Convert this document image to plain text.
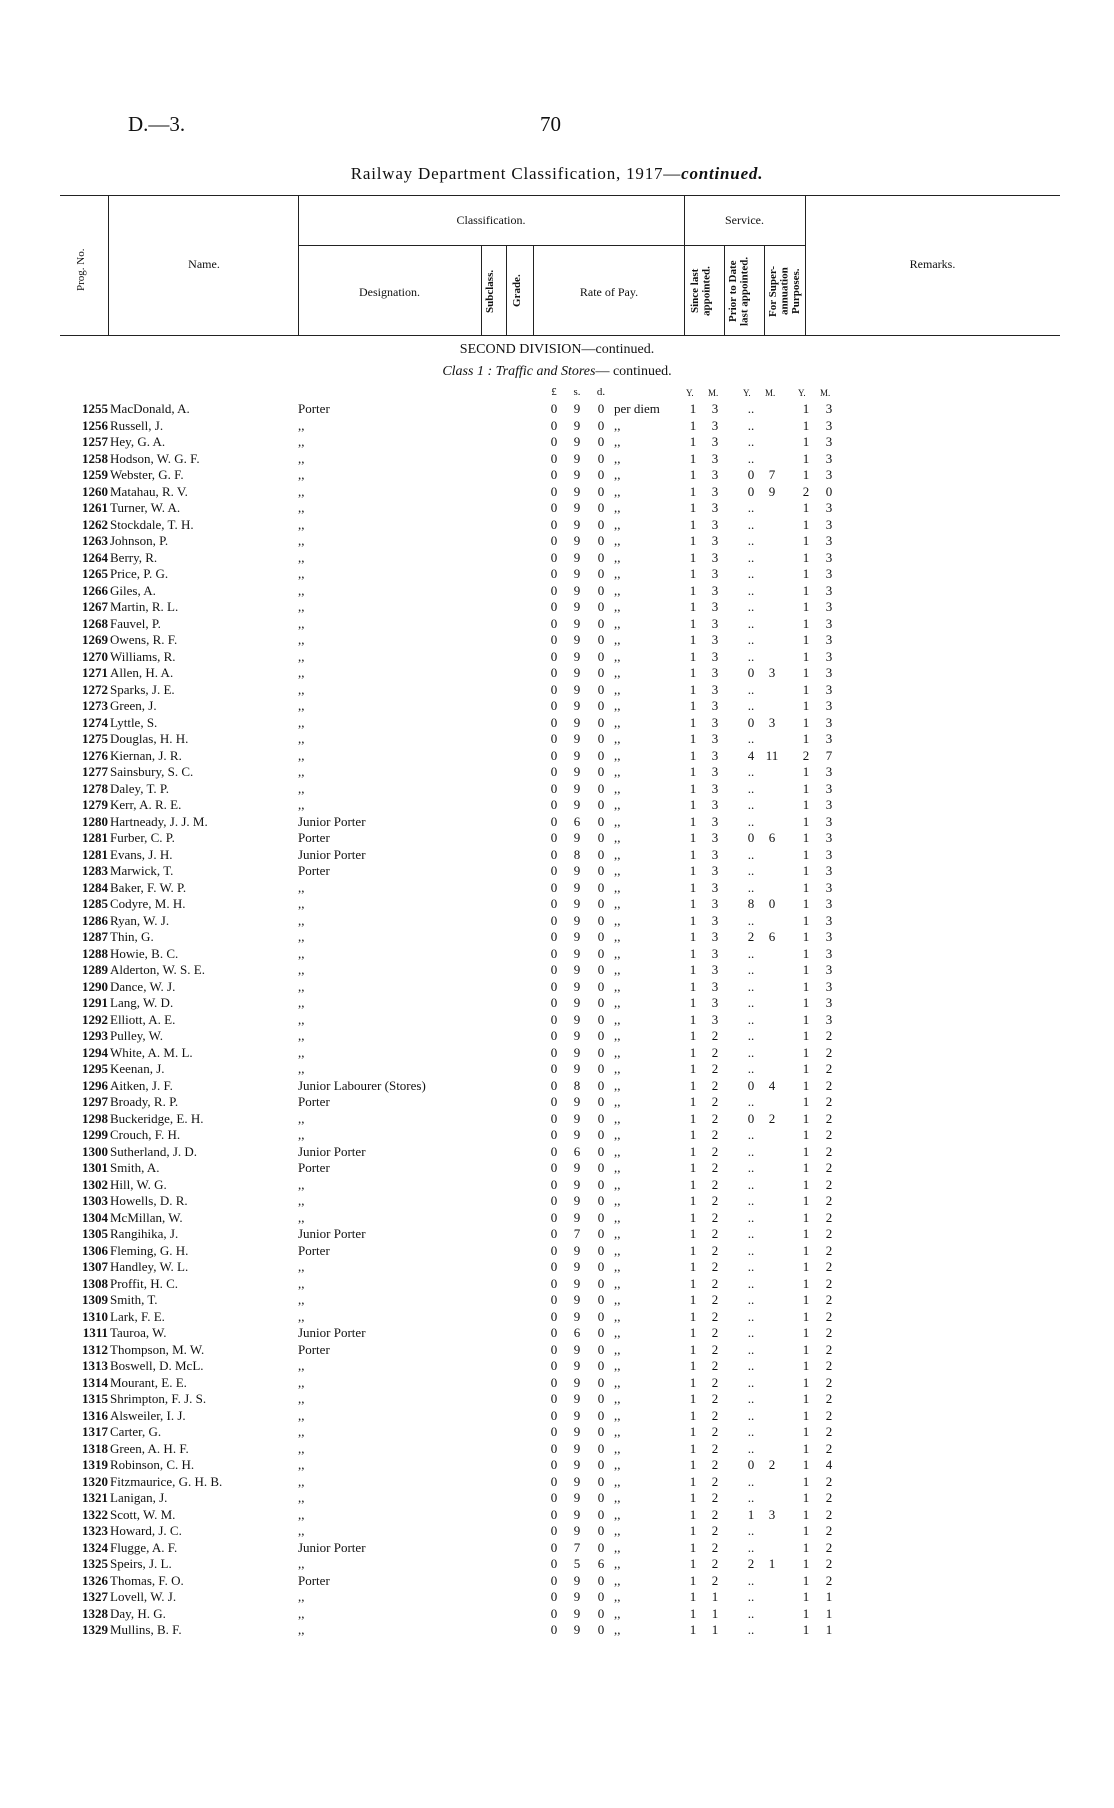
D.—3.	70
Railway Department Classification, 1917—continued.
Prog. No.	Name.
Classification.
Designation.	Subclass.	Grade.	Rate of Pay.
Service.
Since last appointed.	Prior to Date last appointed.	For Super-annuation Purposes.
Remarks.
SECOND DIVISION—continued.
Class 1 : Traffic and Stores— continued.
£	s.	d.	Y. M.	Y. M.	Y. M.
1255 MacDonald, A.	Porter	0 9 0 per diem 1 3 ..	1 3
1256 Russell, J.	,,	0 9 0 ,,	1 3 ..	1 3
1257 Hey, G. A.	,,	0 9 0 ,,	1 3 ..	1 3
1258 Hodson, W. G. F.	,,	0 9 0 ,,	1 3 ..	1 3
1259 Webster, G. F.	,,	0 9 0 ,,	1 3 0 7 1 3
1260 Matahau, R. V.	,,	0 9 0 ,,	1 3 0 9 2 0
1261 Turner, W. A.	,,	0 9 0 ,,	1 3 ..	1 3
1262 Stockdale, T. H.	,,	0 9 0 ,,	1 3 ..	1 3
1263 Johnson, P.	,,	0 9 0 ,,	1 3 ..	1 3
1264 Berry, R.	,,	0 9 0 ,,	1 3 ..	1 3
1265 Price, P. G.	,,	0 9 0 ,,	1 3 ..	1 3
1266 Giles, A.	,,	0 9 0 ,,	1 3 ..	1 3
1267 Martin, R. L.	,,	0 9 0 ,,	1 3 ..	1 3
1268 Fauvel, P.	,,	0 9 0 ,,	1 3 ..	1 3
1269 Owens, R. F.	,,	0 9 0 ,,	1 3 ..	1 3
1270 Williams, R.	,,	0 9 0 ,,	1 3 ..	1 3
1271 Allen, H. A.	,,	0 9 0 ,,	1 3 0 3 1 3
1272 Sparks, J. E.	,,	0 9 0 ,,	1 3 ..	1 3
1273 Green, J.	,,	0 9 0 ,,	1 3 ..	1 3
1274 Lyttle, S.	,,	0 9 0 ,,	1 3 0 3 1 3
1275 Douglas, H. H.	,,	0 9 0 ,,	1 3 ..	1 3
1276 Kiernan, J. R.	,,	0 9 0 ,,	1 3 4 11 2 7
1277 Sainsbury, S. C.	,,	0 9 0 ,,	1 3 ..	1 3
1278 Daley, T. P.	,,	0 9 0 ,,	1 3 ..	1 3
1279 Kerr, A. R. E.	,,	0 9 0 ,,	1 3 ..	1 3
1280 Hartneady, J. J. M.	Junior Porter	0 6 0 ,,	1 3 ..	1 3
1281 Furber, C. P.	Porter	0 9 0 ,,	1 3 0 6 1 3
1281 Evans, J. H.	Junior Porter	0 8 0 ,,	1 3 ..	1 3
1283 Marwick, T.	Porter	0 9 0 ,,	1 3 ..	1 3
1284 Baker, F. W. P.	,,	0 9 0 ,,	1 3 ..	1 3
1285 Codyre, M. H.	,,	0 9 0 ,,	1 3 8 0 1 3
1286 Ryan, W. J.	,,	0 9 0 ,,	1 3 ..	1 3
1287 Thin, G.	,,	0 9 0 ,,	1 3 2 6 1 3
1288 Howie, B. C.	,,	0 9 0 ,,	1 3 ..	1 3
1289 Alderton, W. S. E.	,,	0 9 0 ,,	1 3 ..	1 3
1290 Dance, W. J.	,,	0 9 0 ,,	1 3 ..	1 3
1291 Lang, W. D.	,,	0 9 0 ,,	1 3 ..	1 3
1292 Elliott, A. E.	,,	0 9 0 ,,	1 3 ..	1 3
1293 Pulley, W.	,,	0 9 0 ,,	1 2 ..	1 2
1294 White, A. M. L.	,,	0 9 0 ,,	1 2 ..	1 2
1295 Keenan, J.	,,	0 9 0 ,,	1 2 ..	1 2
1296 Aitken, J. F.	Junior Labourer (Stores)	0 8 0 ,,	1 2 0 4 1 2
1297 Broady, R. P.	Porter	0 9 0 ,,	1 2 ..	1 2
1298 Buckeridge, E. H.	,,	0 9 0 ,,	1 2 0 2 1 2
1299 Crouch, F. H.	,,	0 9 0 ,,	1 2 ..	1 2
1300 Sutherland, J. D.	Junior Porter	0 6 0 ,,	1 2 ..	1 2
1301 Smith, A.	Porter	0 9 0 ,,	1 2 ..	1 2
1302 Hill, W. G.	,,	0 9 0 ,,	1 2 ..	1 2
1303 Howells, D. R.	,,	0 9 0 ,,	1 2 ..	1 2
1304 McMillan, W.	,,	0 9 0 ,,	1 2 ..	1 2
1305 Rangihika, J.	Junior Porter	0 7 0 ,,	1 2 ..	1 2
1306 Fleming, G. H.	Porter	0 9 0 ,,	1 2 ..	1 2
1307 Handley, W. L.	,,	0 9 0 ,,	1 2 ..	1 2
1308 Proffit, H. C.	,,	0 9 0 ,,	1 2 ..	1 2
1309 Smith, T.	,,	0 9 0 ,,	1 2 ..	1 2
1310 Lark, F. E.	,,	0 9 0 ,,	1 2 ..	1 2
1311 Tauroa, W.	Junior Porter	0 6 0 ,,	1 2 ..	1 2
1312 Thompson, M. W.	Porter	0 9 0 ,,	1 2 ..	1 2
1313 Boswell, D. McL.	,,	0 9 0 ,,	1 2 ..	1 2
1314 Mourant, E. E.	,,	0 9 0 ,,	1 2 ..	1 2
1315 Shrimpton, F. J. S.	,,	0 9 0 ,,	1 2 ..	1 2
1316 Alsweiler, I. J.	,,	0 9 0 ,,	1 2 ..	1 2
1317 Carter, G.	,,	0 9 0 ,,	1 2 ..	1 2
1318 Green, A. H. F.	,,	0 9 0 ,,	1 2 ..	1 2
1319 Robinson, C. H.	,,	0 9 0 ,,	1 2 0 2 1 4
1320 Fitzmaurice, G. H. B.	,,	0 9 0 ,,	1 2 ..	1 2
1321 Lanigan, J.	,,	0 9 0 ,,	1 2 ..	1 2
1322 Scott, W. M.	,,	0 9 0 ,,	1 2 1 3 1 2
1323 Howard, J. C.	,,	0 9 0 ,,	1 2 ..	1 2
1324 Flugge, A. F.	Junior Porter	0 7 0 ,,	1 2 ..	1 2
1325 Speirs, J. L.	,,	0 5 6 ,,	1 2 2 1 1 2
1326 Thomas, F. O.	Porter	0 9 0 ,,	1 2 ..	1 2
1327 Lovell, W. J.	,,	0 9 0 ,,	1 1 ..	1 1
1328 Day, H. G.	,,	0 9 0 ,,	1 1 ..	1 1
1329 Mullins, B. F.	,,	0 9 0 ,,	1 1 ..	1 1
